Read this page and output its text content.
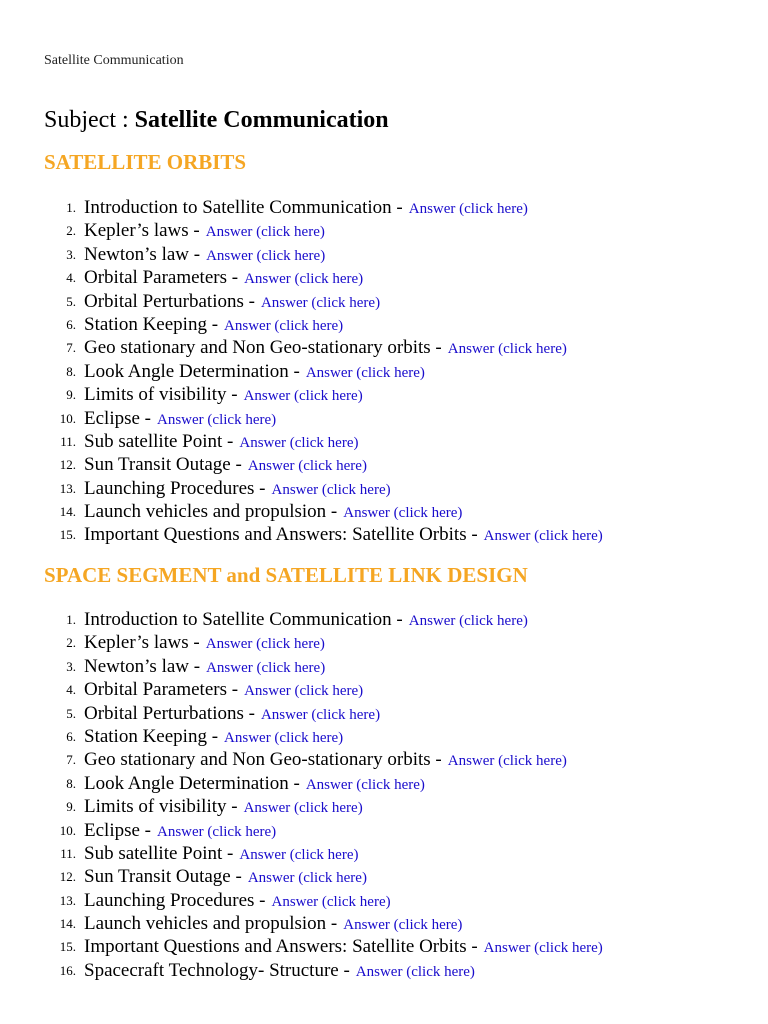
Satellite Communication
Subject : Satellite Communication
SATELLITE ORBITS
1. Introduction to Satellite Communication - Answer (click here)
2. Kepler’s laws - Answer (click here)
3. Newton’s law - Answer (click here)
4. Orbital Parameters - Answer (click here)
5. Orbital Perturbations - Answer (click here)
6. Station Keeping - Answer (click here)
7. Geo stationary and Non Geo-stationary orbits - Answer (click here)
8. Look Angle Determination - Answer (click here)
9. Limits of visibility - Answer (click here)
10. Eclipse - Answer (click here)
11. Sub satellite Point - Answer (click here)
12. Sun Transit Outage - Answer (click here)
13. Launching Procedures - Answer (click here)
14. Launch vehicles and propulsion - Answer (click here)
15. Important Questions and Answers: Satellite Orbits - Answer (click here)
SPACE SEGMENT and SATELLITE LINK DESIGN
1. Introduction to Satellite Communication - Answer (click here)
2. Kepler’s laws - Answer (click here)
3. Newton’s law - Answer (click here)
4. Orbital Parameters - Answer (click here)
5. Orbital Perturbations - Answer (click here)
6. Station Keeping - Answer (click here)
7. Geo stationary and Non Geo-stationary orbits - Answer (click here)
8. Look Angle Determination - Answer (click here)
9. Limits of visibility - Answer (click here)
10. Eclipse - Answer (click here)
11. Sub satellite Point - Answer (click here)
12. Sun Transit Outage - Answer (click here)
13. Launching Procedures - Answer (click here)
14. Launch vehicles and propulsion - Answer (click here)
15. Important Questions and Answers: Satellite Orbits - Answer (click here)
16. Spacecraft Technology- Structure - Answer (click here)
